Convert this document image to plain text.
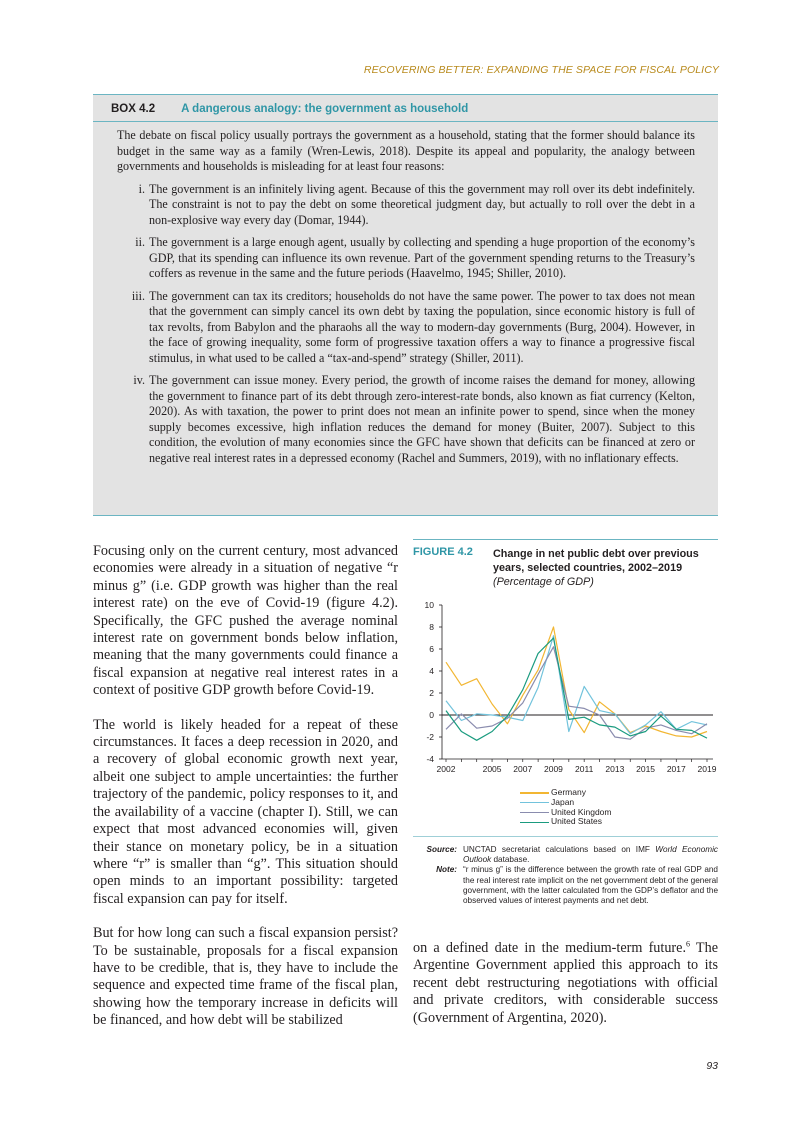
RECOVERING BETTER: EXPANDING THE SPACE FOR FISCAL POLICY
BOX 4.2 A dangerous analogy: the government as household

The debate on fiscal policy usually portrays the government as a household, stating that the former should balance its budget in the same way as a family (Wren-Lewis, 2018). Despite its appeal and popularity, the analogy between governments and households is misleading for at least four reasons:

i. The government is an infinitely living agent. Because of this the government may roll over its debt indefinitely. The constraint is not to pay the debt on some theoretical judgment day, but actually to roll over the debt in a non-explosive way every day (Domar, 1944).
ii. The government is a large enough agent, usually by collecting and spending a huge proportion of the economy’s GDP, that its spending can influence its own revenue. Part of the government spending returns to the Treasury’s coffers as revenue in the same and the future periods (Haavelmo, 1945; Shiller, 2010).
iii. The government can tax its creditors; households do not have the same power. The power to tax does not mean that the government can simply cancel its own debt by taxing the population, since economic history is full of tax revolts, from Babylon and the pharaohs all the way to modern-day governments (Burg, 2004). However, in the face of growing inequality, some form of progressive taxation offers a way to finance a progressive fiscal stimulus, in what used to be called a “tax-and-spend” strategy (Shiller, 2011).
iv. The government can issue money. Every period, the growth of income raises the demand for money, allowing the government to finance part of its debt through zero-interest-rate bonds, also known as fiat currency (Kelton, 2020). As with taxation, the power to print does not mean an infinite power to spend, since when the money supply becomes excessive, high inflation reduces the demand for money (Buiter, 2007). Subject to this condition, the evolution of many economies since the GFC have shown that deficits can be financed at zero or negative real interest rates in a depressed economy (Rachel and Summers, 2019), with no inflationary effects.

Focusing only on the current century, most advanced economies were already in a situation of negative “r minus g” (i.e. GDP growth was higher than the real interest rate) on the eve of Covid-19 (figure 4.2). Specifically, the GFC pushed the average nominal interest rate on government bonds below inflation, meaning that the many governments could finance a fiscal expansion at negative real interest rates in a context of positive GDP growth before Covid-19.

The world is likely headed for a repeat of these circumstances. It faces a deep recession in 2020, and a recovery of global economic growth next year, albeit one subject to ample uncertainties: the further trajectory of the pandemic, policy responses to it, and the availability of a vaccine (chapter I). Still, we can expect that most advanced economies will, given their stance on monetary policy, be in a situation where “r” is smaller than “g”. This situation should open minds to an important possibility: targeted fiscal expansion can pay for itself.

But for how long can such a fiscal expansion persist? To be sustainable, proposals for a fiscal expansion have to be credible, that is, they have to include the sequence and expected time frame of the fiscal plan, showing how the temporary increase in deficits will be financed, and how debt will be stabilized

FIGURE 4.2 Change in net public debt over previous years, selected countries, 2002–2019
(Percentage of GDP)
10
8
6
4
2
0
-2
-4
2002	2005 2007 2009 2011 2013 2015 2017 2019
Germany
Japan
United Kingdom
United States
Source: UNCTAD secretariat calculations based on IMF World Economic Outlook database.
Note: “r minus g” is the difference between the growth rate of real GDP and the real interest rate implicit on the net government debt of the general government, with the latter calculated from the GDP’s deflator and the observed values of interest payments and net debt.

on a defined date in the medium-term future.$^6$ The Argentine Government applied this approach to its recent debt restructuring negotiations with official and private creditors, with considerable success (Government of Argentina, 2020).

93
